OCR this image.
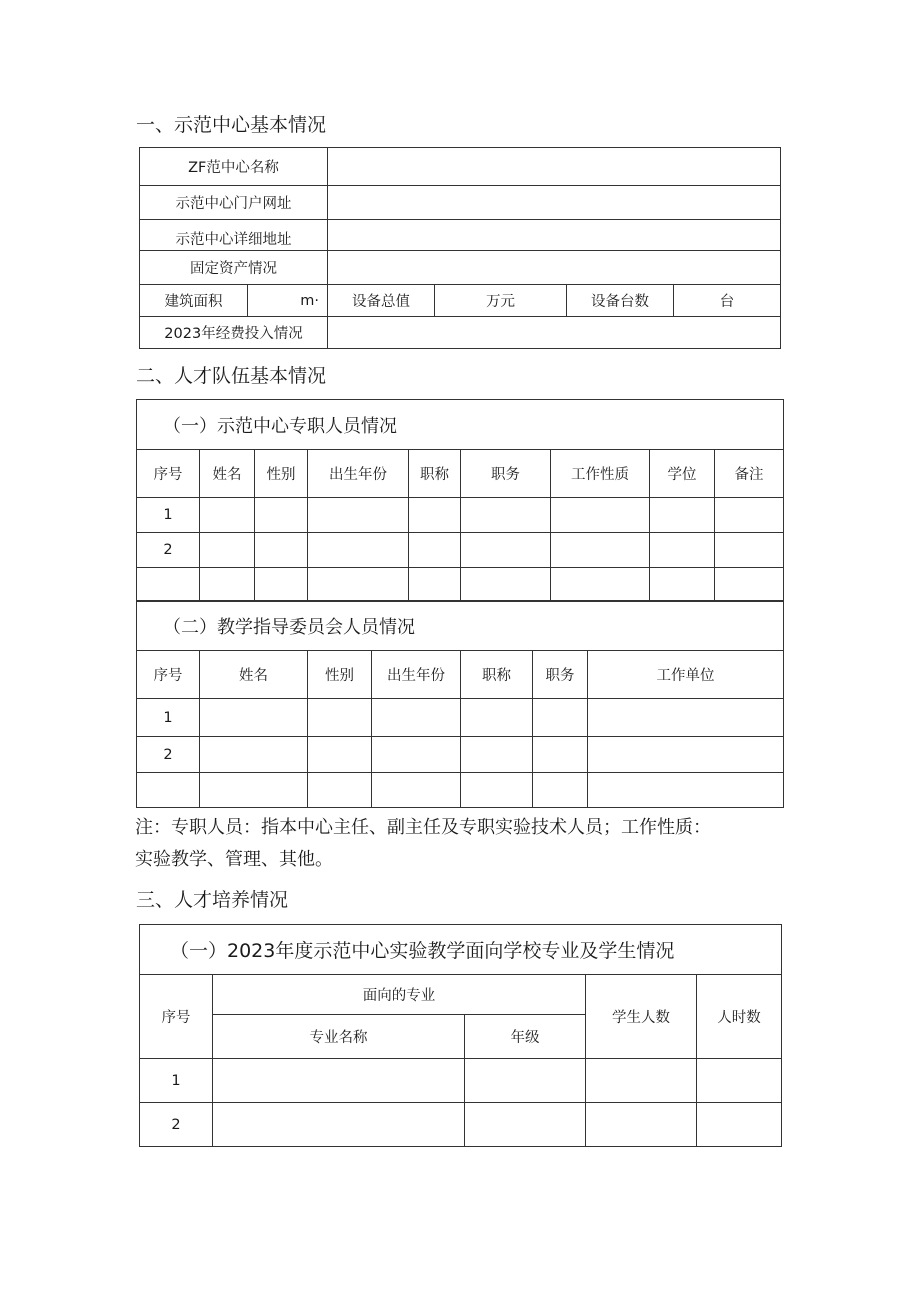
一、示范中心基本情况
ZF范中心名称					
示范中心门户网址					
示范中心详细地址					
固定资产情况					
建筑面积	m·	设备总值	万元	设备台数	台
2023年经费投入情况					
二、人才队伍基本情况
（一）示范中心专职人员情况								
序号	姓名	性别	出生年份	职称	职务	工作性质	学位	备注
1								
2								

（二）教学指导委员会人员情况						
序号	姓名	性别	出生年份	职称	职务	工作单位
1						
2						

注：专职人员：指本中心主任、副主任及专职实验技术人员；工作性质：
实验教学、管理、其他。
三、人才培养情况
（一）2023年度示范中心实验教学面向学校专业及学生情况				
序号	面向的专业		学生人数	人时数
	专业名称	年级		
1				
2				
